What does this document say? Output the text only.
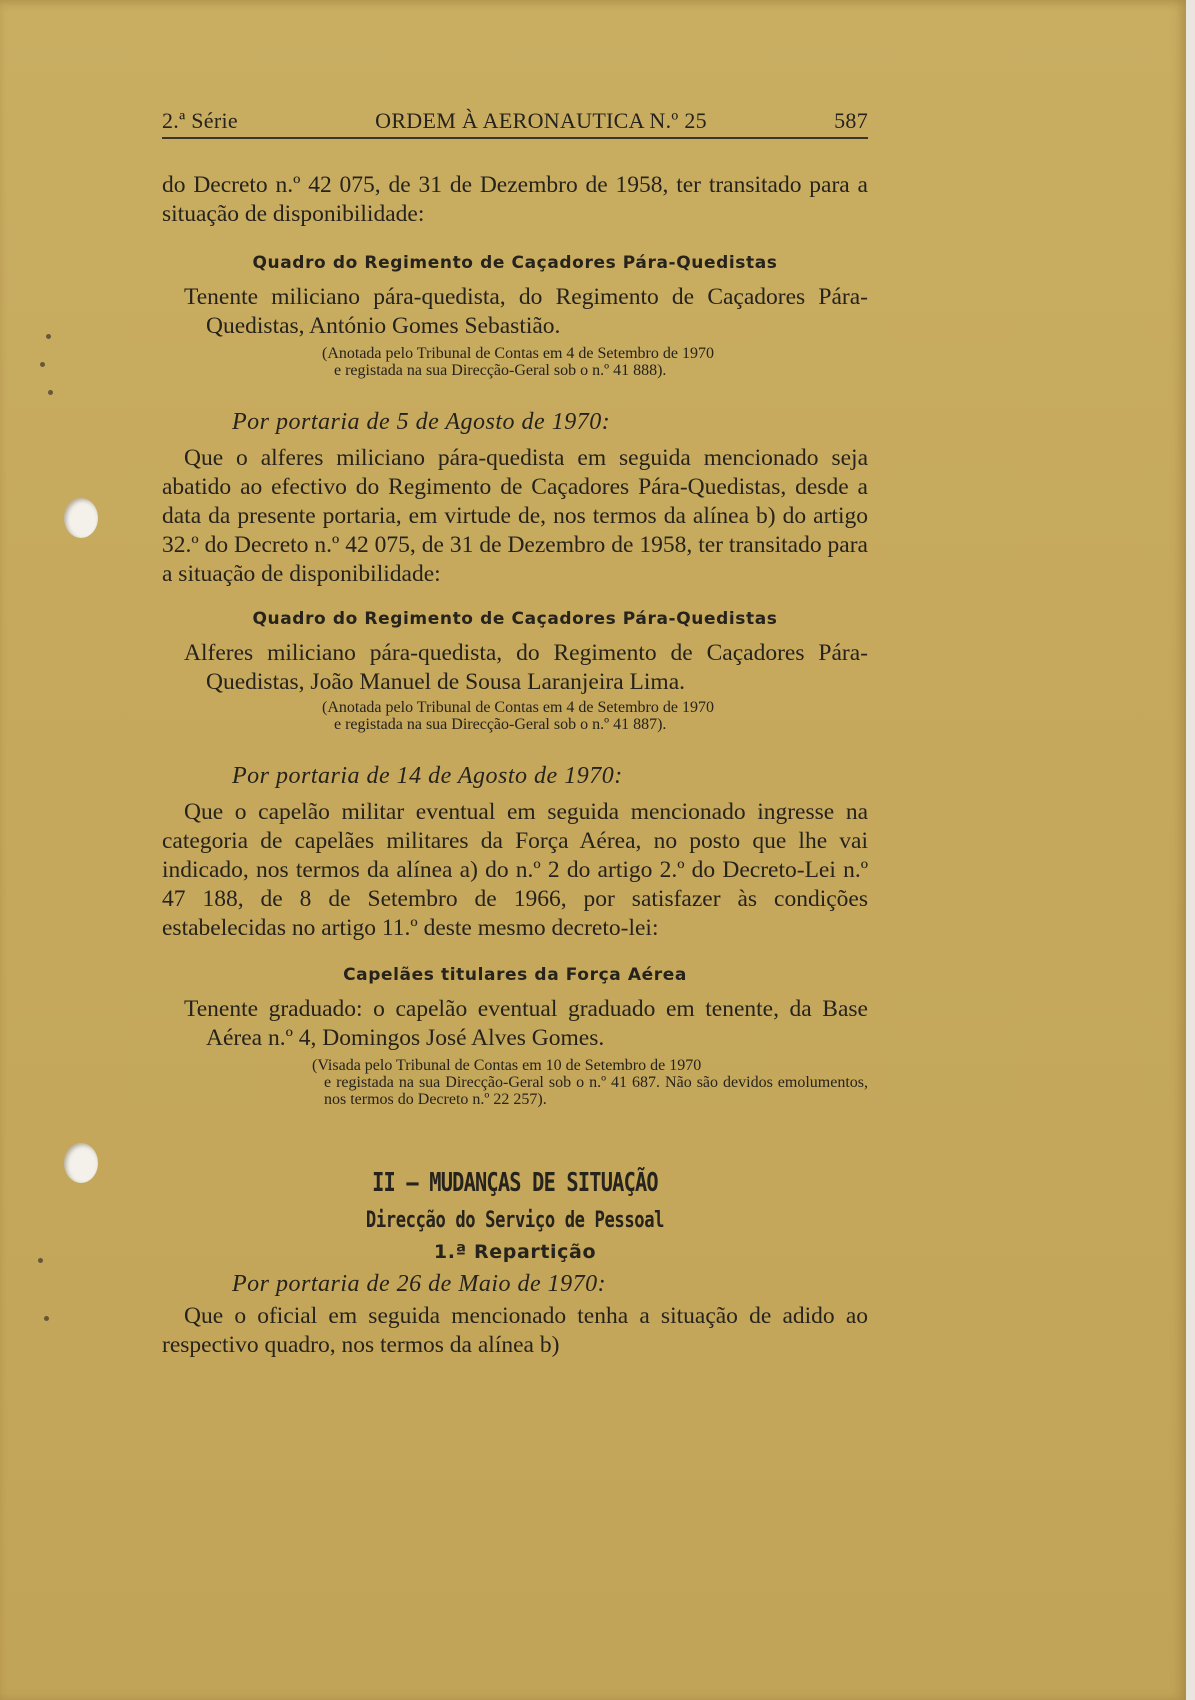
2.ª Série	ORDEM À AERONAUTICA N.º 25	587

do Decreto n.º 42 075, de 31 de Dezembro de 1958, ter transitado para a situação de disponibilidade:

Quadro do Regimento de Caçadores Pára-Quedistas

Tenente miliciano pára-quedista, do Regimento de Caçadores Pára-Quedistas, António Gomes Sebastião.

(Anotada pelo Tribunal de Contas em 4 de Setembro de 1970
e registada na sua Direcção-Geral sob o n.º 41 888).
Por portaria de 5 de Agosto de 1970:

Que o alferes miliciano pára-quedista em seguida mencionado seja abatido ao efectivo do Regimento de Caçadores Pára-Quedistas, desde a data da presente portaria, em virtude de, nos termos da alínea b) do artigo 32.º do Decreto n.º 42 075, de 31 de Dezembro de 1958, ter transitado para a situação de disponibilidade:

Quadro do Regimento de Caçadores Pára-Quedistas

Alferes miliciano pára-quedista, do Regimento de Caçadores Pára-Quedistas, João Manuel de Sousa Laranjeira Lima.

(Anotada pelo Tribunal de Contas em 4 de Setembro de 1970
e registada na sua Direcção-Geral sob o n.º 41 887).
Por portaria de 14 de Agosto de 1970:

Que o capelão militar eventual em seguida mencionado ingresse na categoria de capelães militares da Força Aérea, no posto que lhe vai indicado, nos termos da alínea a) do n.º 2 do artigo 2.º do Decreto-Lei n.º 47 188, de 8 de Setembro de 1966, por satisfazer às condições estabelecidas no artigo 11.º deste mesmo decreto-lei:

Capelães titulares da Força Aérea

Tenente graduado: o capelão eventual graduado em tenente, da Base Aérea n.º 4, Domingos José Alves Gomes.

(Visada pelo Tribunal de Contas em 10 de Setembro de 1970
e registada na sua Direcção-Geral sob o n.º 41 687. Não são devidos emolumentos, nos termos do Decreto n.º 22 257).
II — MUDANÇAS DE SITUAÇÃO
Direcção do Serviço de Pessoal
1.ª Repartição
Por portaria de 26 de Maio de 1970:

Que o oficial em seguida mencionado tenha a situação de adido ao respectivo quadro, nos termos da alínea b)
